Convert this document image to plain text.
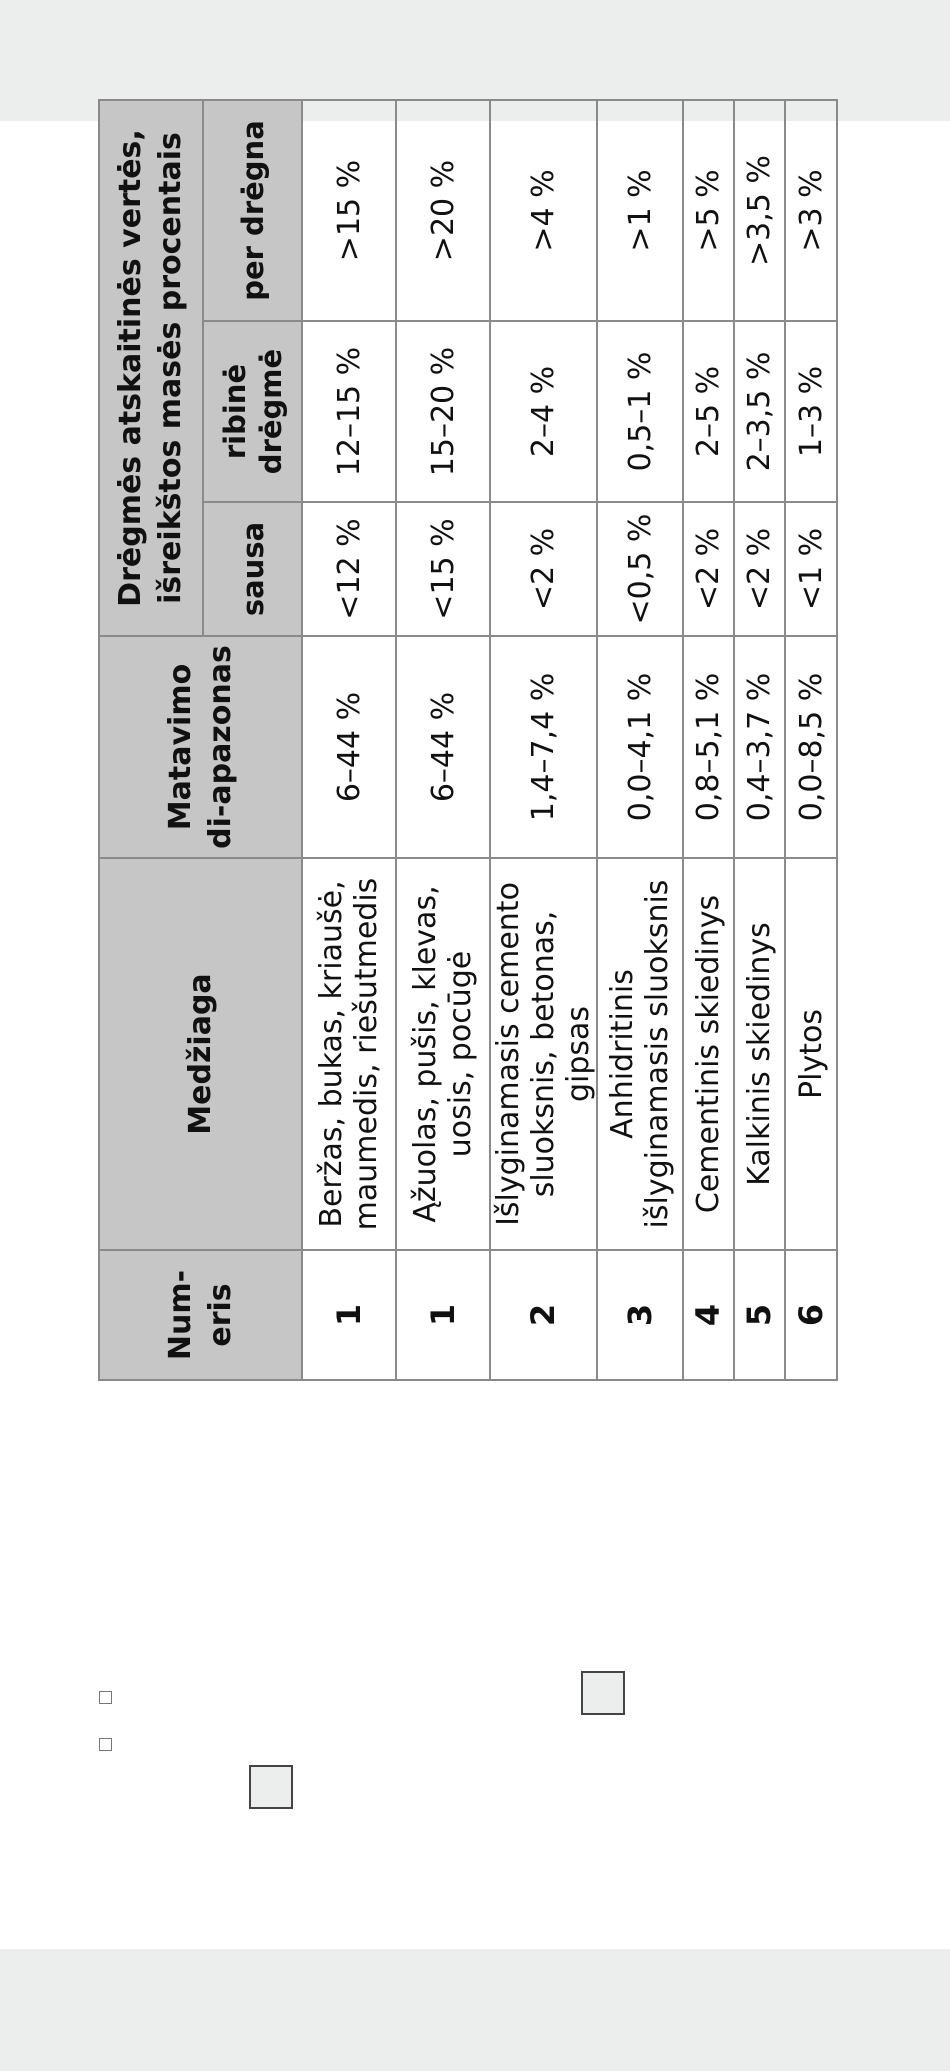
Num-eris	Medžiaga	Matavimo di-apazonas	Drėgmės atskaitinės vertės, išreikštos masės procentais		
			sausa	ribinė drėgmė	per drėgna
1	Beržas, bukas, kriaušė, maumedis, riešutmedis	6–44 %	<12 %	12–15 %	>15 %
1	Ąžuolas, pušis, klevas, uosis, pocūgė	6–44 %	<15 %	15–20 %	>20 %
2	Išlyginamasis cemento sluoksnis, betonas, gipsas	1,4–7,4 %	<2 %	2–4 %	>4 %
3	Anhidritinis išlyginamasis sluoksnis	0,0–4,1 %	<0,5 %	0,5–1 %	>1 %
4	Cementinis skiedinys	0,8–5,1 %	<2 %	2–5 %	>5 %
5	Kalkinis skiedinys	0,4–3,7 %	<2 %	2–3,5 %	>3,5 %
6	Plytos	0,0–8,5 %	<1 %	1–3 %	>3 %
